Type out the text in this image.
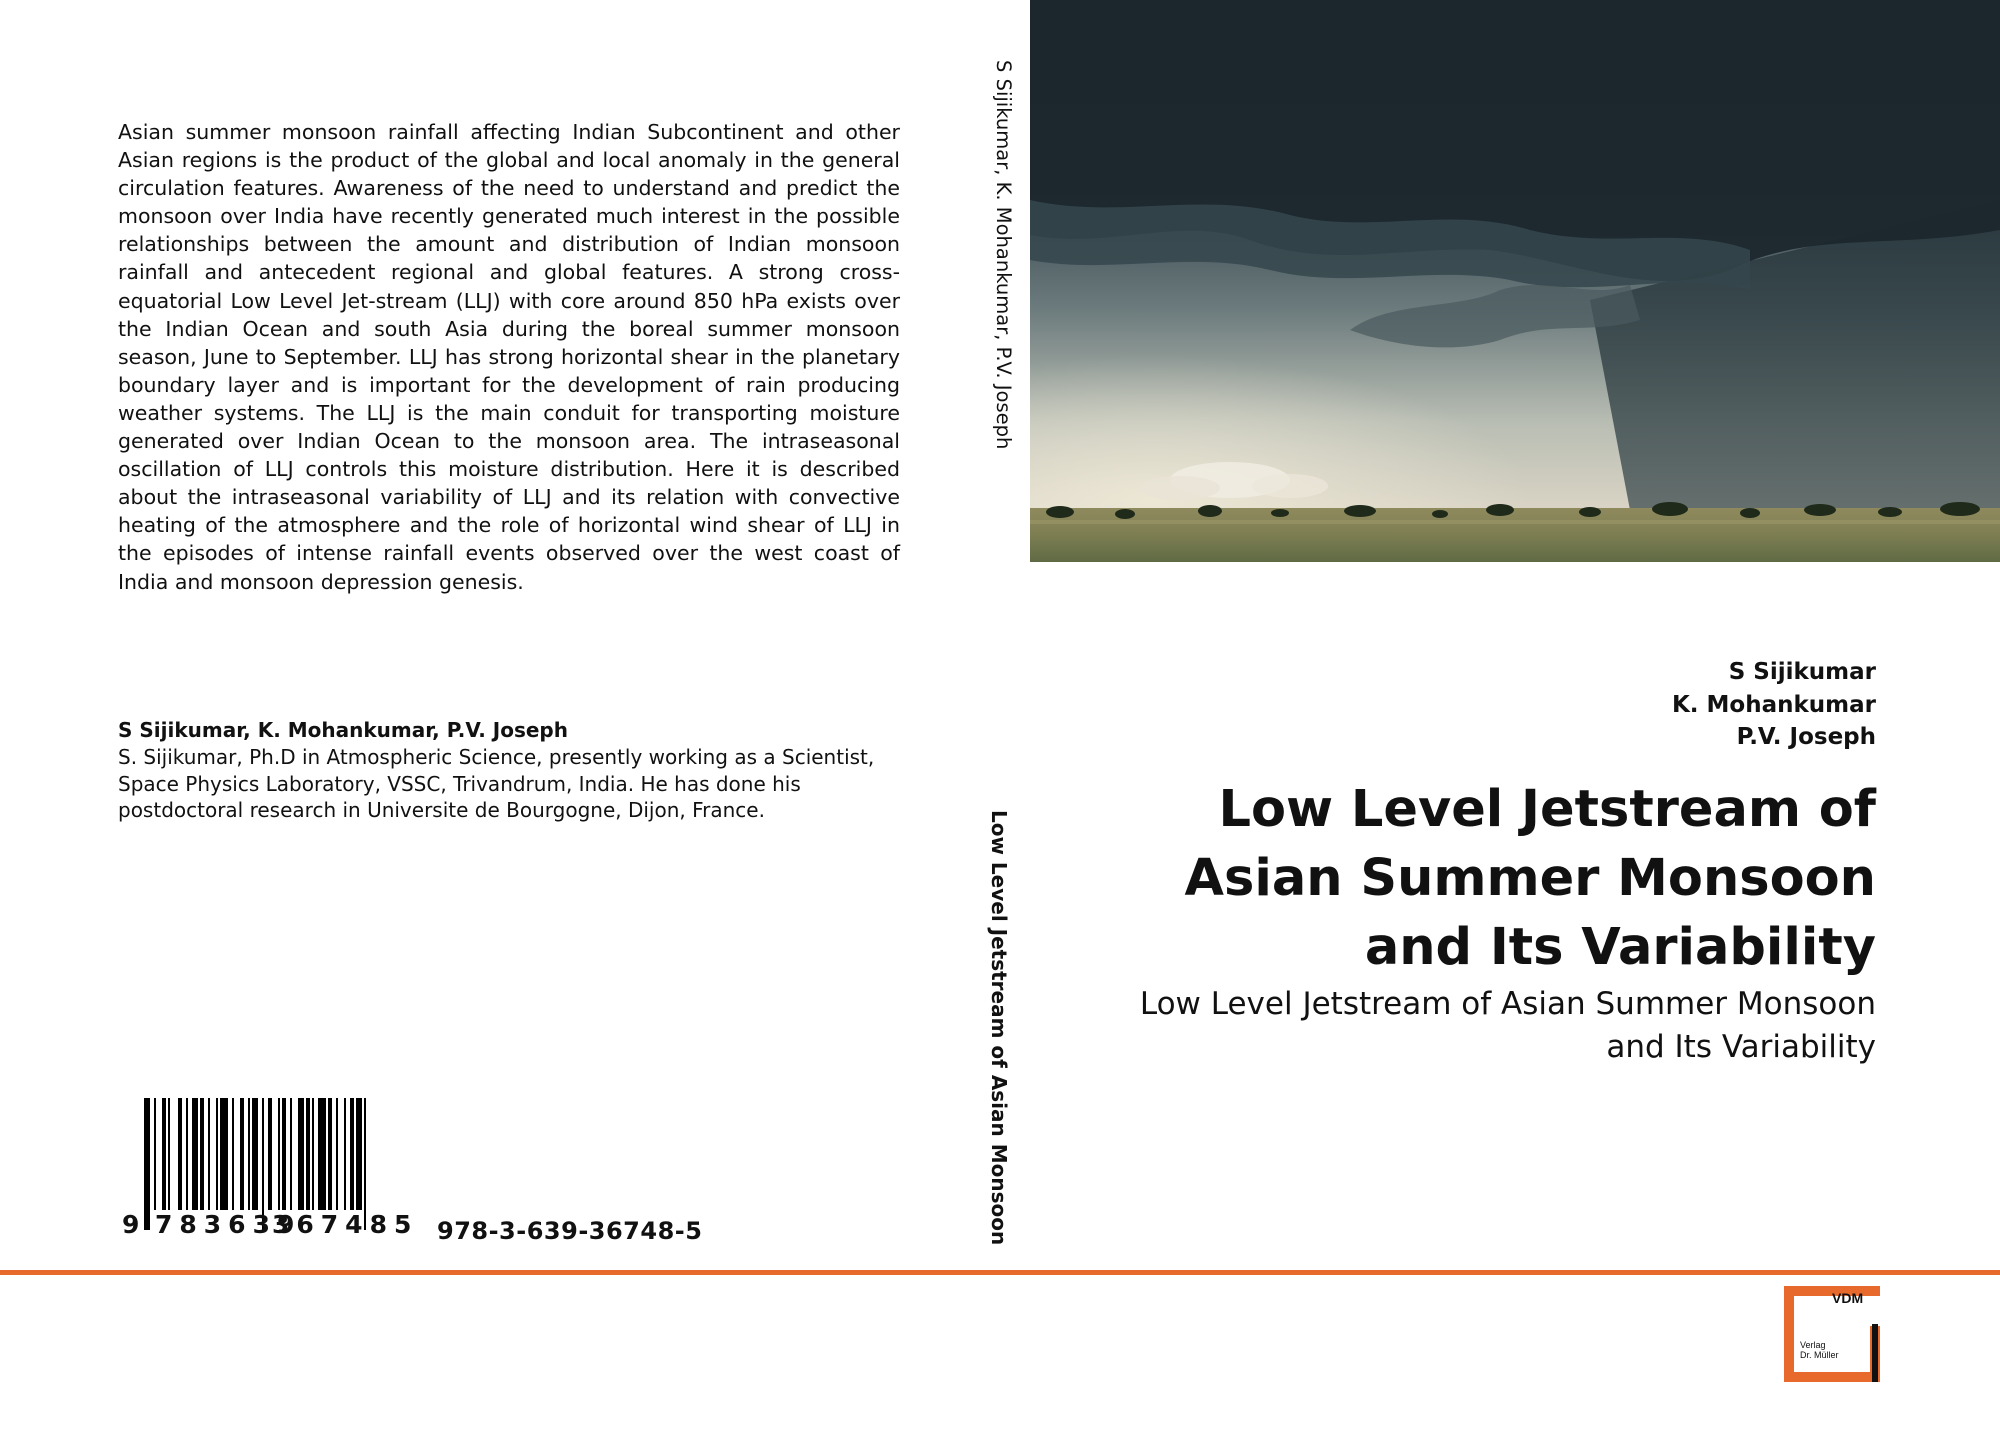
Asian summer monsoon rainfall affecting Indian Subcontinent and other Asian regions is the product of the global and local anomaly in the general circulation features. Awareness of the need to understand and predict the monsoon over India have recently generated much interest in the possible relationships between the amount and distribution of Indian monsoon rainfall and antecedent regional and global features. A strong cross-equatorial Low Level Jet-stream (LLJ) with core around 850 hPa exists over the Indian Ocean and south Asia during the boreal summer monsoon season, June to September. LLJ has strong horizontal shear in the planetary boundary layer and is important for the development of rain producing weather systems. The LLJ is the main conduit for transporting moisture generated over Indian Ocean to the monsoon area. The intraseasonal oscillation of LLJ controls this moisture distribution. Here it is described about the intraseasonal variability of LLJ and its relation with convective heating of the atmosphere and the role of horizontal wind shear of LLJ in the episodes of intense rainfall events observed over the west coast of India and monsoon depression genesis.
S Sijikumar, K. Mohankumar, P.V. Joseph
S. Sijikumar, Ph.D in Atmospheric Science, presently working as a Scientist, Space Physics Laboratory, VSSC, Trivandrum, India. He has done his postdoctoral research in Universite de Bourgogne, Dijon, France.
9 783639
367485 978-3-639-36748-5
S Sijikumar, K. Mohankumar, P.V. Joseph
Low Level Jetstream of Asian Monsoon
S Sijikumar
K. Mohankumar
P.V. Joseph
Low Level Jetstream of Asian Summer Monsoon and Its Variability
Low Level Jetstream of Asian Summer Monsoon and Its Variability
VDM
Verlag
Dr. Müller
